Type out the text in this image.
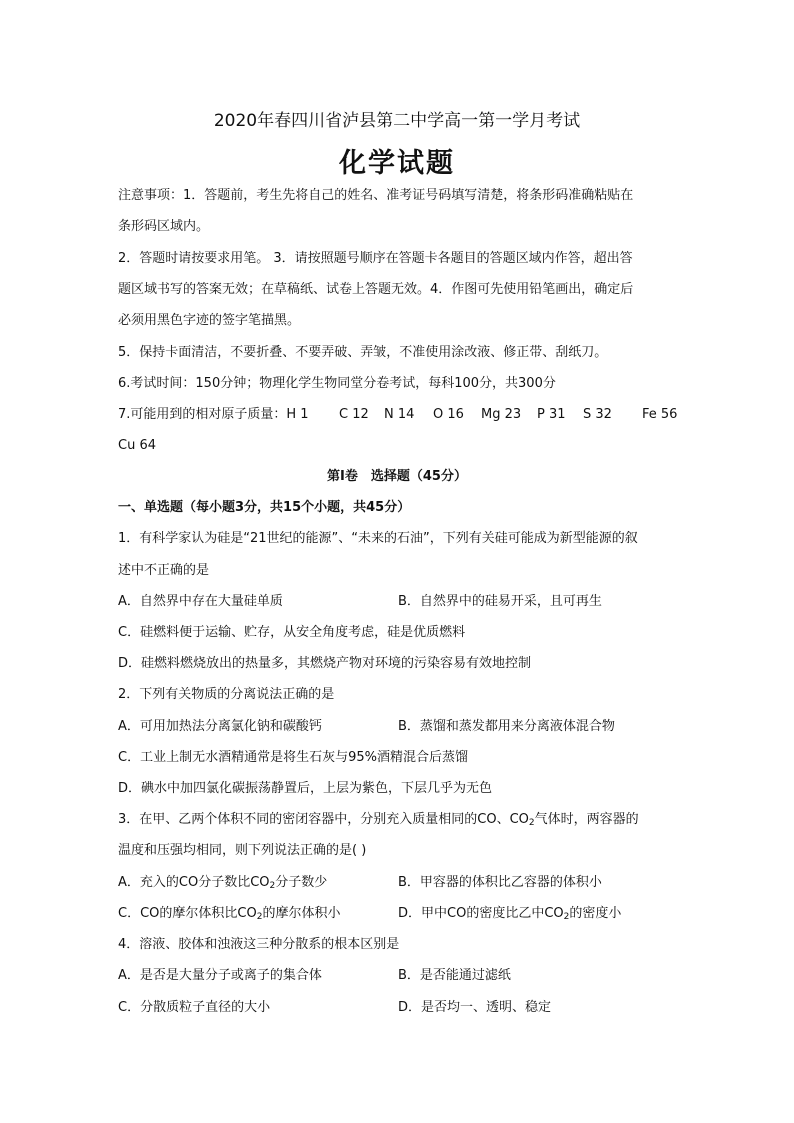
2020年春四川省泸县第二中学高一第一学月考试
化学试题
注意事项：1．答题前，考生先将自己的姓名、准考证号码填写清楚，将条形码准确粘贴在
条形码区域内。
2．答题时请按要求用笔。 3．请按照题号顺序在答题卡各题目的答题区域内作答，超出答
题区域书写的答案无效；在草稿纸、试卷上答题无效。4．作图可先使用铅笔画出，确定后
必须用黑色字迹的签字笔描黑。
5．保持卡面清洁，不要折叠、不要弄破、弄皱，不准使用涂改液、修正带、刮纸刀。
6.考试时间：150分钟；物理化学生物同堂分卷考试，每科100分，共300分
7.可能用到的相对原子质量：H 1 C 12 N 14 O 16 Mg 23 P 31 S 32 Fe 56
Cu 64
第Ⅰ卷　选择题（45分）
一、单选题（每小题3分，共15个小题，共45分）
1．有科学家认为硅是“21世纪的能源”、“未来的石油”，下列有关硅可能成为新型能源的叙
述中不正确的是
A．自然界中存在大量硅单质	B．自然界中的硅易开采，且可再生
C．硅燃料便于运输、贮存，从安全角度考虑，硅是优质燃料
D．硅燃料燃烧放出的热量多，其燃烧产物对环境的污染容易有效地控制
2．下列有关物质的分离说法正确的是
A．可用加热法分离氯化钠和碳酸钙	B．蒸馏和蒸发都用来分离液体混合物
C．工业上制无水酒精通常是将生石灰与95%酒精混合后蒸馏
D．碘水中加四氯化碳振荡静置后，上层为紫色，下层几乎为无色
3．在甲、乙两个体积不同的密闭容器中，分别充入质量相同的CO、$CO_2$气体时，两容器的
温度和压强均相同，则下列说法正确的是( )
A．充入的CO分子数比$CO_2$分子数少	B．甲容器的体积比乙容器的体积小
C．CO的摩尔体积比$CO_2$的摩尔体积小	D．甲中CO的密度比乙中$CO_2$的密度小
4．溶液、胶体和浊液这三种分散系的根本区别是
A．是否是大量分子或离子的集合体	B．是否能通过滤纸
C．分散质粒子直径的大小	D．是否均一、透明、稳定
